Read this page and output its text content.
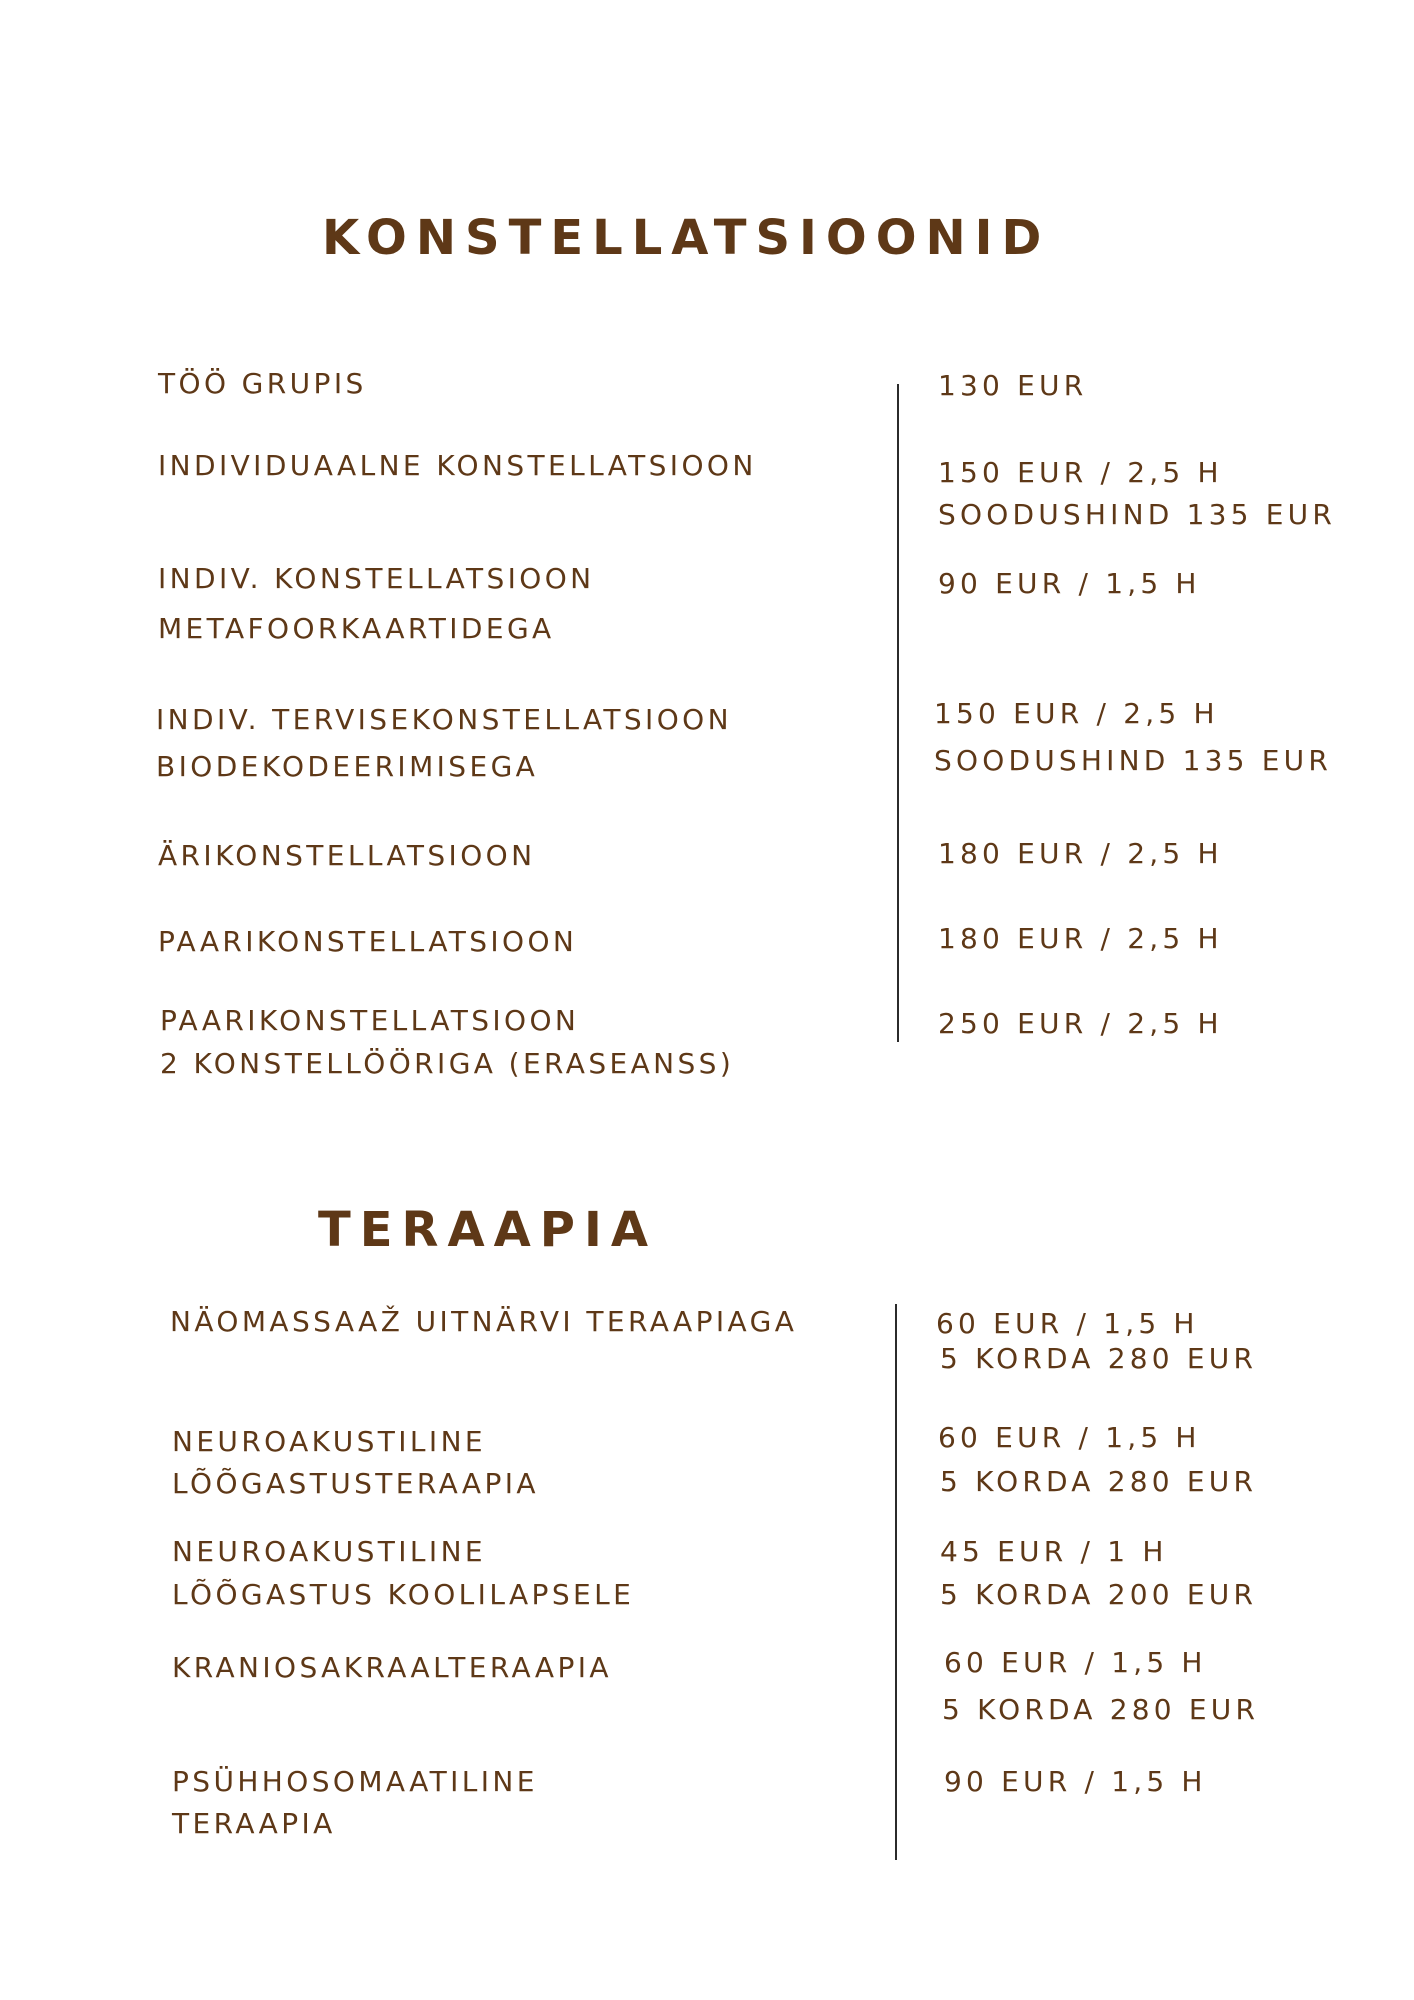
KONSTELLATSIOONID
TÖÖ GRUPIS	130 EUR
INDIVIDUAALNE KONSTELLATSIOON	150 EUR / 2,5 H
SOODUSHIND 135 EUR
INDIV. KONSTELLATSIOON
METAFOORKAARTIDEGA
90 EUR / 1,5 H
INDIV. TERVISEKONSTELLATSIOON
BIODEKODEERIMISEGA
150 EUR / 2,5 H
SOODUSHIND 135 EUR
ÄRIKONSTELLATSIOON	180 EUR / 2,5 H
PAARIKONSTELLATSIOON	180 EUR / 2,5 H
PAARIKONSTELLATSIOON
2 KONSTELLÖÖRIGA (ERASEANSS)
250 EUR / 2,5 H
TERAAPIA
NÄOMASSAAŽ UITNÄRVI TERAAPIAGA	60 EUR / 1,5 H
5 KORDA 280 EUR
NEUROAKUSTILINE
LÕÕGASTUSTERAAPIA
60 EUR / 1,5 H
5 KORDA 280 EUR
NEUROAKUSTILINE
LÕÕGASTUS KOOLILAPSELE
45 EUR / 1 H
5 KORDA 200 EUR
KRANIOSAKRAALTERAAPIA	60 EUR / 1,5 H
5 KORDA 280 EUR
PSÜHHOSOMAATILINE
TERAAPIA
90 EUR / 1,5 H
